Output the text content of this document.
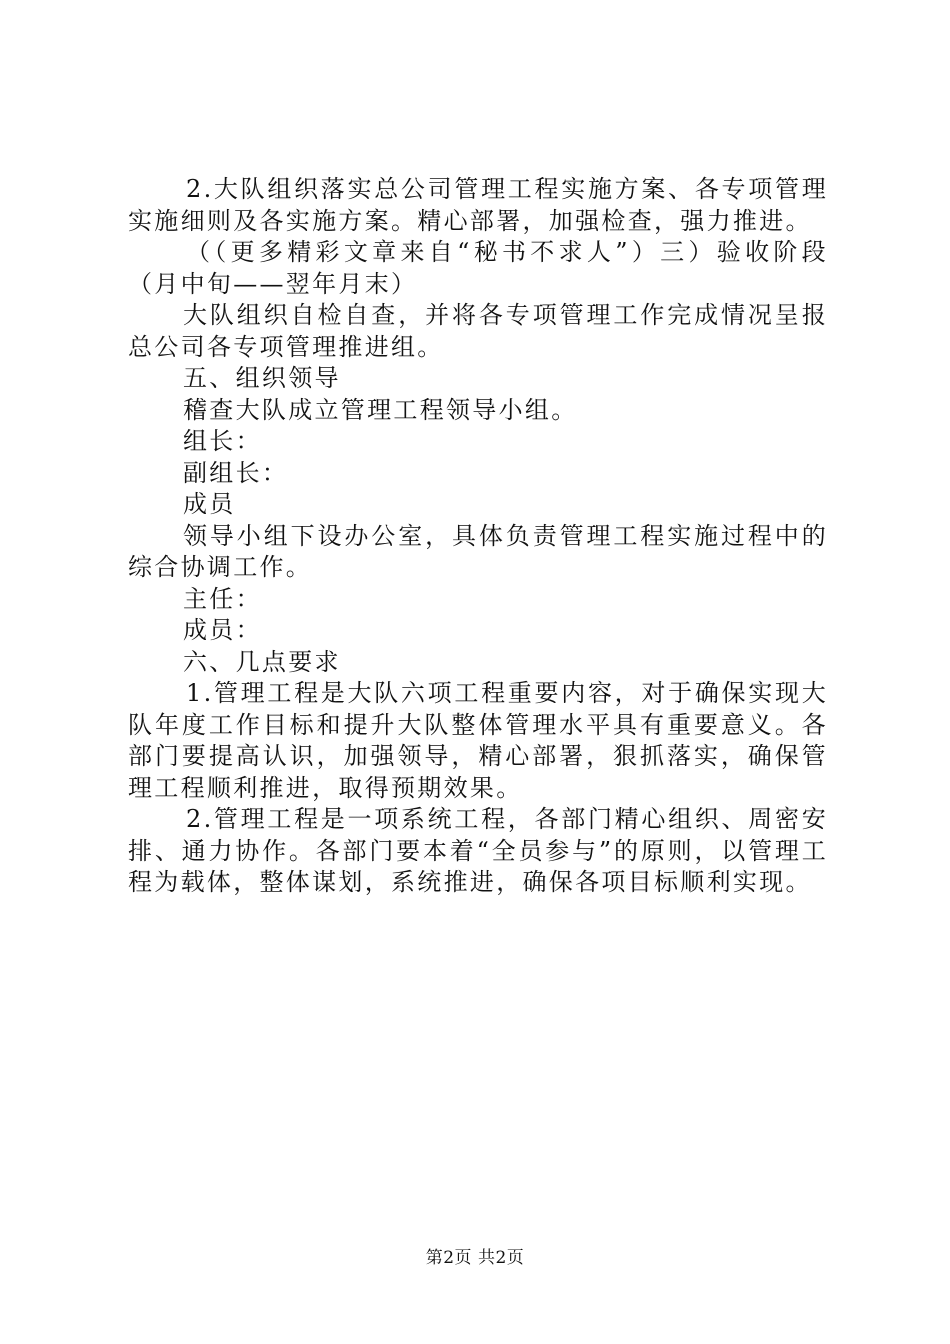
2.大队组织落实总公司管理工程实施方案、各专项管理实施细则及各实施方案。精心部署，加强检查，强力推进。

（（更多精彩文章来自“秘书不求人”）三）验收阶段（月中旬——翌年月末）

大队组织自检自查，并将各专项管理工作完成情况呈报总公司各专项管理推进组。

五、组织领导

稽查大队成立管理工程领导小组。

组长：

副组长：

成员

领导小组下设办公室，具体负责管理工程实施过程中的综合协调工作。

主任：

成员：

六、几点要求

1.管理工程是大队六项工程重要内容，对于确保实现大队年度工作目标和提升大队整体管理水平具有重要意义。各部门要提高认识，加强领导，精心部署，狠抓落实，确保管理工程顺利推进，取得预期效果。

2.管理工程是一项系统工程，各部门精心组织、周密安排、通力协作。各部门要本着“全员参与”的原则，以管理工程为载体，整体谋划，系统推进，确保各项目标顺利实现。

第2页 共2页
